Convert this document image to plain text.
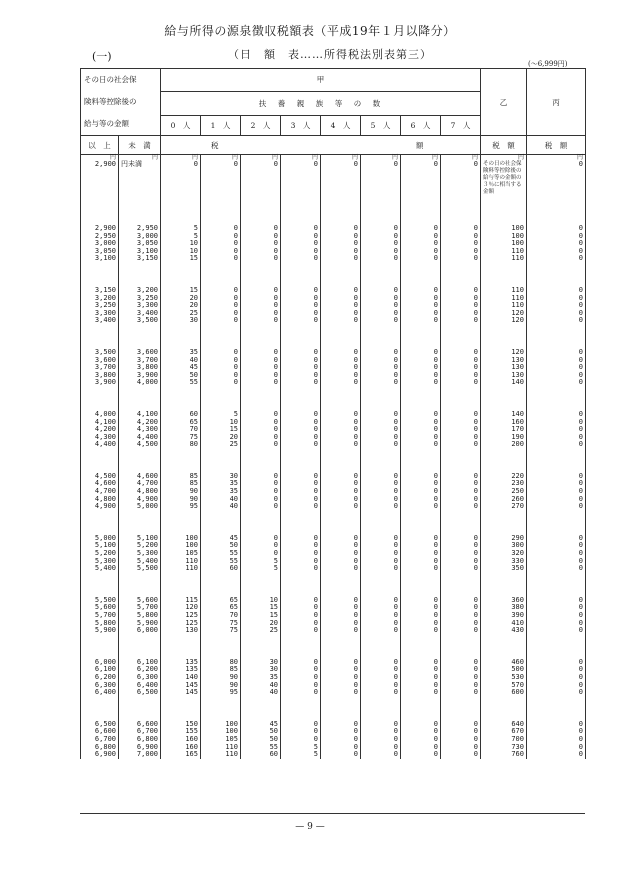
給与所得の源泉徴収税額表（平成19年１月以降分）
(一)	（日　額　表……所得税法別表第三）
(～6,999円)
その日の社会保
険料等控除後の
給与等の金額		甲								乙	丙
		扶　養　親　族　等　の　数									
		0　人	1　人	2　人	3　人	4　人	5　人	6　人	7　人		
以　上	未　満	税 額								税　額	税　額
円	円	円	円	円	円	円	円	円	円	円	円
2,900	円未満	0	0	0	0	0	0	0	0	その日の社会保険料等控除後の給与等の金額の３％に相当する金額	0
2,900	2,950	5	0	0	0	0	0	0	0	100	0
2,950	3,000	5	0	0	0	0	0	0	0	100	0
3,000	3,050	10	0	0	0	0	0	0	0	100	0
3,050	3,100	10	0	0	0	0	0	0	0	110	0
3,100	3,150	15	0	0	0	0	0	0	0	110	0

3,150	3,200	15	0	0	0	0	0	0	0	110	0
3,200	3,250	20	0	0	0	0	0	0	0	110	0
3,250	3,300	20	0	0	0	0	0	0	0	110	0
3,300	3,400	25	0	0	0	0	0	0	0	120	0
3,400	3,500	30	0	0	0	0	0	0	0	120	0

3,500	3,600	35	0	0	0	0	0	0	0	120	0
3,600	3,700	40	0	0	0	0	0	0	0	130	0
3,700	3,800	45	0	0	0	0	0	0	0	130	0
3,800	3,900	50	0	0	0	0	0	0	0	130	0
3,900	4,000	55	0	0	0	0	0	0	0	140	0

4,000	4,100	60	5	0	0	0	0	0	0	140	0
4,100	4,200	65	10	0	0	0	0	0	0	160	0
4,200	4,300	70	15	0	0	0	0	0	0	170	0
4,300	4,400	75	20	0	0	0	0	0	0	190	0
4,400	4,500	80	25	0	0	0	0	0	0	200	0

4,500	4,600	85	30	0	0	0	0	0	0	220	0
4,600	4,700	85	35	0	0	0	0	0	0	230	0
4,700	4,800	90	35	0	0	0	0	0	0	250	0
4,800	4,900	90	40	0	0	0	0	0	0	260	0
4,900	5,000	95	40	0	0	0	0	0	0	270	0

5,000	5,100	100	45	0	0	0	0	0	0	290	0
5,100	5,200	100	50	0	0	0	0	0	0	300	0
5,200	5,300	105	55	0	0	0	0	0	0	320	0
5,300	5,400	110	55	5	0	0	0	0	0	330	0
5,400	5,500	110	60	5	0	0	0	0	0	350	0

5,500	5,600	115	65	10	0	0	0	0	0	360	0
5,600	5,700	120	65	15	0	0	0	0	0	380	0
5,700	5,800	125	70	15	0	0	0	0	0	390	0
5,800	5,900	125	75	20	0	0	0	0	0	410	0
5,900	6,000	130	75	25	0	0	0	0	0	430	0

6,000	6,100	135	80	30	0	0	0	0	0	460	0
6,100	6,200	135	85	30	0	0	0	0	0	500	0
6,200	6,300	140	90	35	0	0	0	0	0	530	0
6,300	6,400	145	90	40	0	0	0	0	0	570	0
6,400	6,500	145	95	40	0	0	0	0	0	600	0

6,500	6,600	150	100	45	0	0	0	0	0	640	0
6,600	6,700	155	100	50	0	0	0	0	0	670	0
6,700	6,800	160	105	50	0	0	0	0	0	700	0
6,800	6,900	160	110	55	5	0	0	0	0	730	0
6,900	7,000	165	110	60	5	0	0	0	0	760	0
— 9 —
